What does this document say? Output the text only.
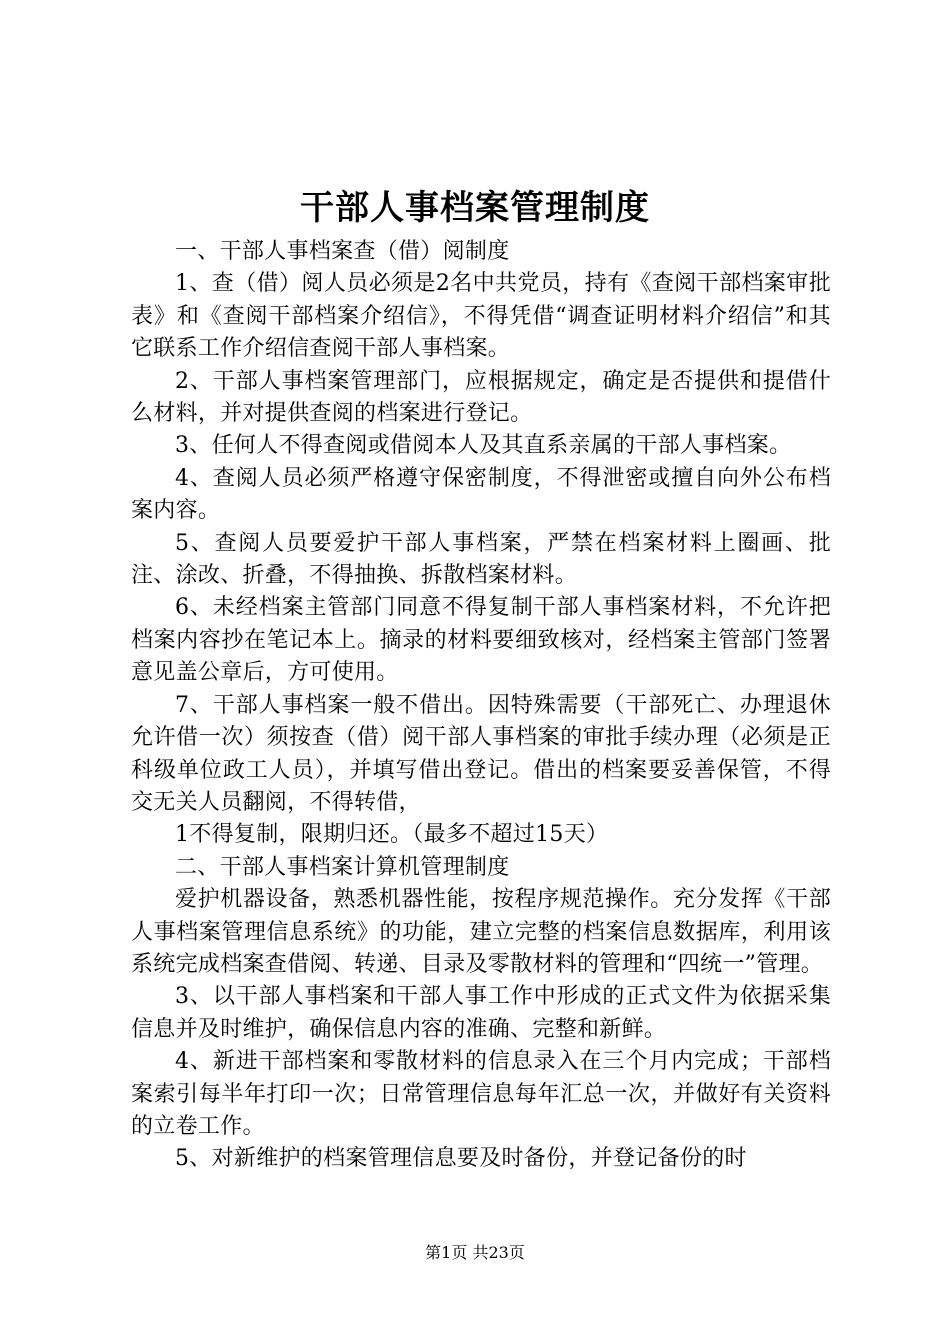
干部人事档案管理制度

一、干部人事档案查（借）阅制度

1、查（借）阅人员必须是2名中共党员，持有《查阅干部档案审批表》和《查阅干部档案介绍信》，不得凭借“调查证明材料介绍信”和其它联系工作介绍信查阅干部人事档案。

2、干部人事档案管理部门，应根据规定，确定是否提供和提借什么材料，并对提供查阅的档案进行登记。

3、任何人不得查阅或借阅本人及其直系亲属的干部人事档案。

4、查阅人员必须严格遵守保密制度，不得泄密或擅自向外公布档案内容。

5、查阅人员要爱护干部人事档案，严禁在档案材料上圈画、批注、涂改、折叠，不得抽换、拆散档案材料。

6、未经档案主管部门同意不得复制干部人事档案材料，不允许把档案内容抄在笔记本上。摘录的材料要细致核对，经档案主管部门签署意见盖公章后，方可使用。

7、干部人事档案一般不借出。因特殊需要（干部死亡、办理退休允许借一次）须按查（借）阅干部人事档案的审批手续办理（必须是正科级单位政工人员），并填写借出登记。借出的档案要妥善保管，不得交无关人员翻阅，不得转借，

1不得复制，限期归还。（最多不超过15天）

二、干部人事档案计算机管理制度

爱护机器设备，熟悉机器性能，按程序规范操作。充分发挥《干部人事档案管理信息系统》的功能，建立完整的档案信息数据库，利用该系统完成档案查借阅、转递、目录及零散材料的管理和“四统一”管理。

3、以干部人事档案和干部人事工作中形成的正式文件为依据采集信息并及时维护，确保信息内容的准确、完整和新鲜。

4、新进干部档案和零散材料的信息录入在三个月内完成；干部档案索引每半年打印一次；日常管理信息每年汇总一次，并做好有关资料的立卷工作。

5、对新维护的档案管理信息要及时备份，并登记备份的时

第1页 共23页
